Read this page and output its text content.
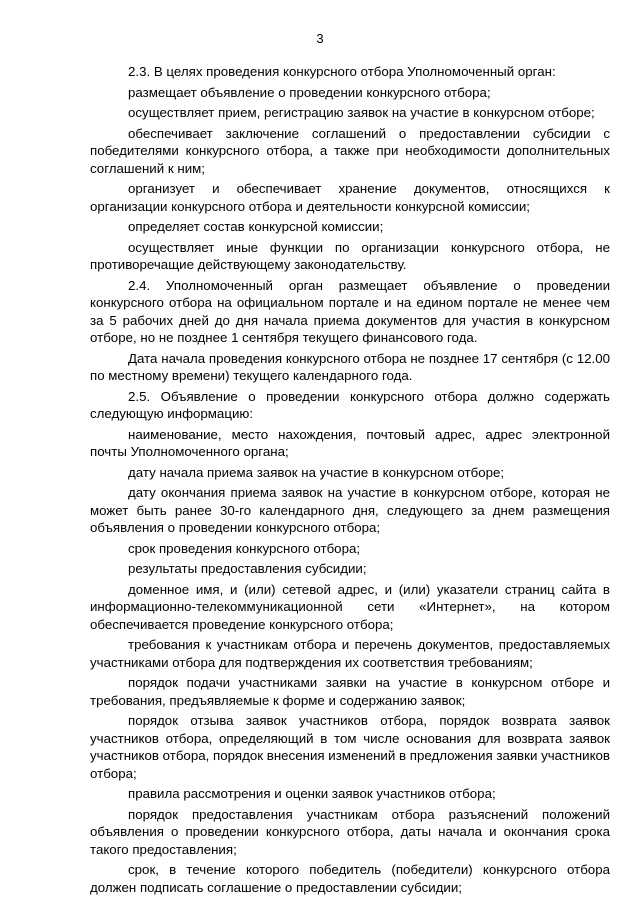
3

2.3. В целях проведения конкурсного отбора Уполномоченный орган:

размещает объявление о проведении конкурсного отбора;

осуществляет прием, регистрацию заявок на участие в конкурсном отборе;

обеспечивает заключение соглашений о предоставлении субсидии с победителями конкурсного отбора, а также при необходимости дополнительных соглашений к ним;

организует и обеспечивает хранение документов, относящихся к организации конкурсного отбора и деятельности конкурсной комиссии;

определяет состав конкурсной комиссии;

осуществляет иные функции по организации конкурсного отбора, не противоречащие действующему законодательству.

2.4. Уполномоченный орган размещает объявление о проведении конкурсного отбора на официальном портале и на едином портале не менее чем за 5 рабочих дней до дня начала приема документов для участия в конкурсном отборе, но не позднее 1 сентября текущего финансового года.

Дата начала проведения конкурсного отбора не позднее 17 сентября (с 12.00 по местному времени) текущего календарного года.

2.5. Объявление о проведении конкурсного отбора должно содержать следующую информацию:

наименование, место нахождения, почтовый адрес, адрес электронной почты Уполномоченного органа;

дату начала приема заявок на участие в конкурсном отборе;

дату окончания приема заявок на участие в конкурсном отборе, которая не может быть ранее 30-го календарного дня, следующего за днем размещения объявления о проведении конкурсного отбора;

срок проведения конкурсного отбора;

результаты предоставления субсидии;

доменное имя, и (или) сетевой адрес, и (или) указатели страниц сайта в информационно-телекоммуникационной сети «Интернет», на котором обеспечивается проведение конкурсного отбора;

требования к участникам отбора и перечень документов, предоставляемых участниками отбора для подтверждения их соответствия требованиям;

порядок подачи участниками заявки на участие в конкурсном отборе и требования, предъявляемые к форме и содержанию заявок;

порядок отзыва заявок участников отбора, порядок возврата заявок участников отбора, определяющий в том числе основания для возврата заявок участников отбора, порядок внесения изменений в предложения заявки участников отбора;

правила рассмотрения и оценки заявок участников отбора;

порядок предоставления участникам отбора разъяснений положений объявления о проведении конкурсного отбора, даты начала и окончания срока такого предоставления;

срок, в течение которого победитель (победители) конкурсного отбора должен подписать соглашение о предоставлении субсидии;
